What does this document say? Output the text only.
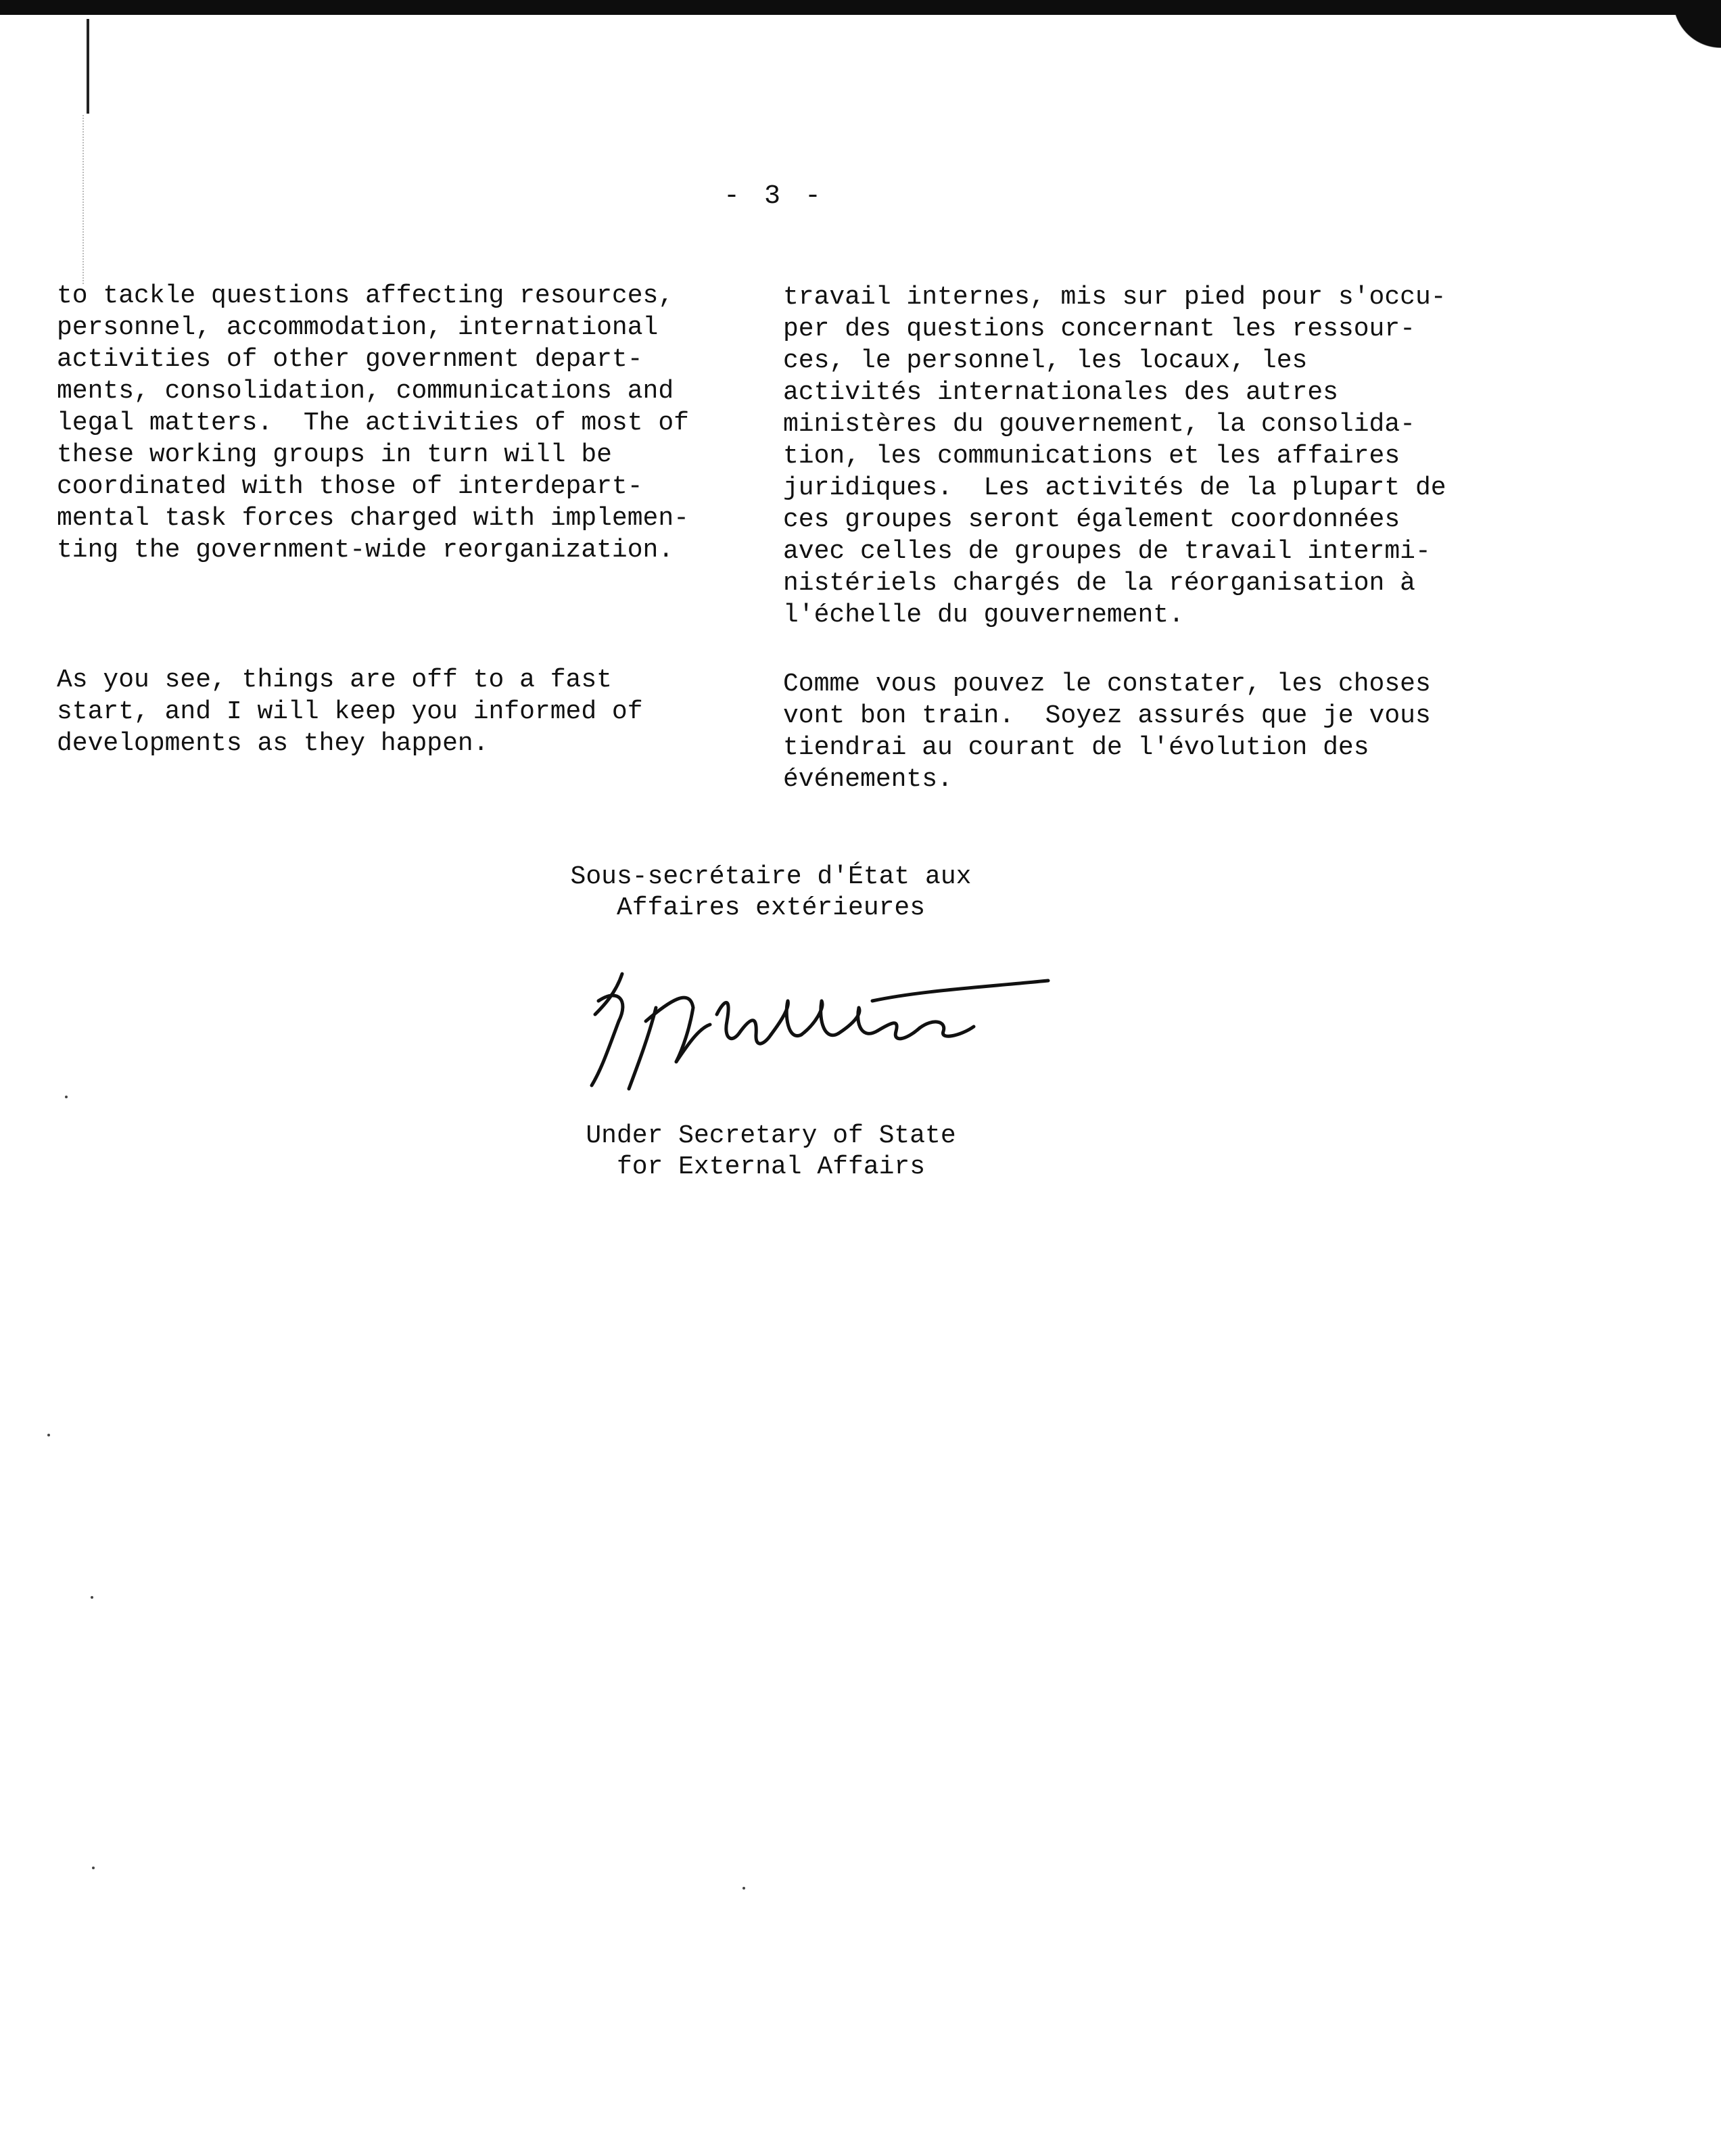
- 3 -
to tackle questions affecting resources,
personnel, accommodation, international
activities of other government depart-
ments, consolidation, communications and
legal matters.  The activities of most of
these working groups in turn will be
coordinated with those of interdepart-
mental task forces charged with implemen-
ting the government-wide reorganization.
As you see, things are off to a fast
start, and I will keep you informed of
developments as they happen.
travail internes, mis sur pied pour s'occu-
per des questions concernant les ressour-
ces, le personnel, les locaux, les
activités internationales des autres
ministères du gouvernement, la consolida-
tion, les communications et les affaires
juridiques.  Les activités de la plupart de
ces groupes seront également coordonnées
avec celles de groupes de travail intermi-
nistériels chargés de la réorganisation à
l'échelle du gouvernement.
Comme vous pouvez le constater, les choses
vont bon train.  Soyez assurés que je vous
tiendrai au courant de l'évolution des
événements.
Sous-secrétaire d'État aux
Affaires extérieures
Under Secretary of State
for External Affairs
